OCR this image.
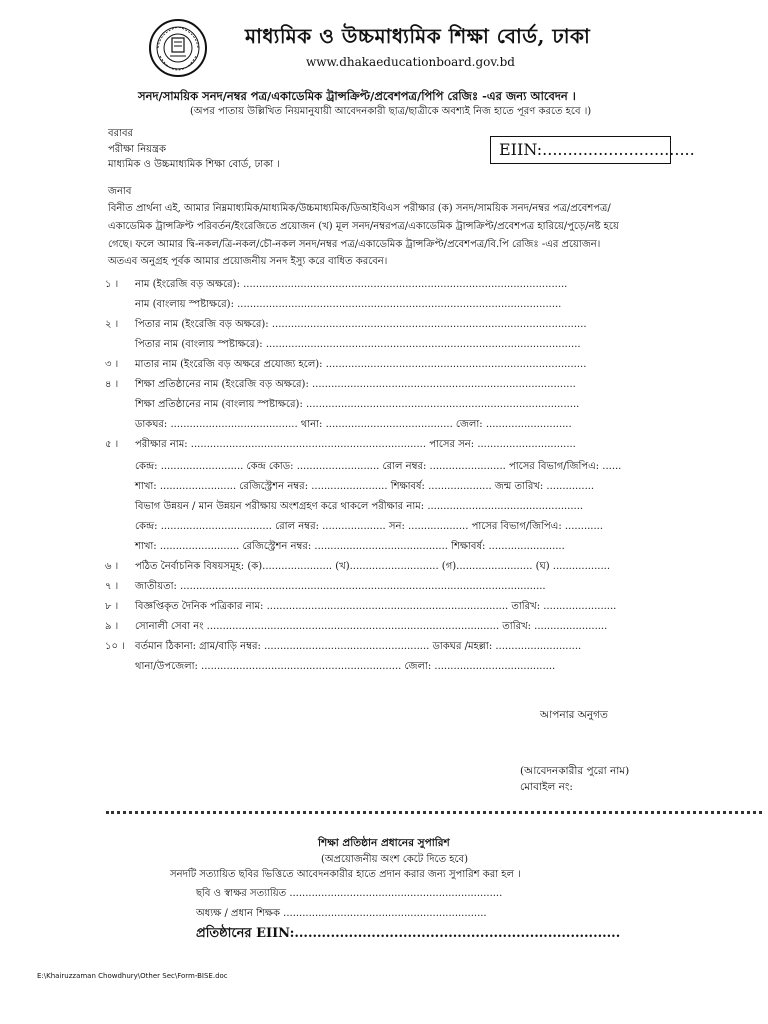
মাধ্যমিক ও উচ্চমাধ্যমিক শিক্ষা বোর্ড, ঢাকা
www.dhakaeducationboard.gov.bd
সনদ/সাময়িক সনদ/নম্বর পত্র/একাডেমিক ট্রান্সক্রিপ্ট/প্রবেশপত্র/পিপি রেজিঃ -এর জন্য আবেদন ।
(অপর পাতায় উল্লিখিত নিয়মানুযায়ী আবেদনকারী ছাত্র/ছাত্রীকে অবশ্যই নিজ হাতে পূরণ করতে হবে ।)
বরাবর
পরীক্ষা নিয়ন্ত্রক
মাধ্যমিক ও উচ্চমাধ্যমিক শিক্ষা বোর্ড, ঢাকা ।
EIIN:..............................
জনাব
বিনীত প্রার্থনা এই, আমার নিম্নমাধ্যমিক/মাধ্যমিক/উচ্চমাধ্যমিক/ডিআইবিএস পরীক্ষার (ক) সনদ/সাময়িক সনদ/নম্বর পত্র/প্রবেশপত্র/
একাডেমিক ট্রান্সক্রিপ্ট পরিবর্তন/ইংরেজিতে প্রয়োজন (খ) মূল সনদ/নম্বরপত্র/একাডেমিক ট্রান্সক্রিপ্ট/প্রবেশপত্র হারিয়ে/পুড়ে/নষ্ট হয়ে
গেছে। ফলে আমার দ্বি-নকল/ত্রি-নকল/চৌ-নকল সনদ/নম্বর পত্র/একাডেমিক ট্রান্সক্রিপ্ট/প্রবেশপত্র/বি.পি রেজিঃ -এর প্রয়োজন।
অতএব অনুগ্রহ পূর্বক আমার প্রয়োজনীয় সনদ ইস্যু করে বাধিত করবেন।
১ । নাম (ইংরেজি বড় অক্ষরে): ......................................................................................................
নাম (বাংলায় স্পষ্টাক্ষরে): ......................................................................................................
২ । পিতার নাম (ইংরেজি বড় অক্ষরে): ...................................................................................................
পিতার নাম (বাংলায় স্পষ্টাক্ষরে): ...................................................................................................
৩ । মাতার নাম (ইংরেজি বড় অক্ষরে প্রযোজ্য হলে): ..................................................................................
৪ । শিক্ষা প্রতিষ্ঠানের নাম (ইংরেজি বড় অক্ষরে): ...................................................................................
শিক্ষা প্রতিষ্ঠানের নাম (বাংলায় স্পষ্টাক্ষরে): ......................................................................................
ডাকঘর: ........................................ থানা: ........................................ জেলা: ...........................
৫ । পরীক্ষার নাম: .......................................................................... পাসের সন: ...............................
কেন্দ্র: .......................... কেন্দ্র কোড: .......................... রোল নম্বর: ........................ পাসের বিভাগ/জিপিএ: ......
শাখা: ........................ রেজিস্ট্রেশন নম্বর: ........................ শিক্ষাবর্ষ: .................... জন্ম তারিখ: ...............
বিভাগ উন্নয়ন / মান উন্নয়ন পরীক্ষায় অংশগ্রহণ করে থাকলে পরীক্ষার নাম: .................................................
কেন্দ্র: ................................... রোল নম্বর: .................... সন: ................... পাসের বিভাগ/জিপিএ: ............
শাখা: ......................... রেজিস্ট্রেশন নম্বর: .......................................... শিক্ষাবর্ষ: ........................
৬ । পঠিত নৈর্বাচনিক বিষয়সমূহ: (ক)...................... (খ)............................ (গ)........................ (ঘ) ..................
৭ । জাতীয়তা: ...................................................................................................................
৮ । বিজ্ঞপ্তিকৃত দৈনিক পত্রিকার নাম: ............................................................................ তারিখ: .......................
৯ । সোনালী সেবা নং ............................................................................................ তারিখ: .......................
১০ । বর্তমান ঠিকানা: গ্রাম/বাড়ি নম্বর: .................................................... ডাকঘর /মহল্লা: ...........................
থানা/উপজেলা: ............................................................... জেলা: ......................................
আপনার অনুগত
(আবেদনকারীর পুরো নাম)
মোবাইল নং:
শিক্ষা প্রতিষ্ঠান প্রধানের সুপারিশ
(অপ্রয়োজনীয় অংশ কেটে দিতে হবে)
সনদটি সত্যায়িত ছবির ভিত্তিতে আবেদনকারীর হাতে প্রদান করার জন্য সুপারিশ করা হল ।
ছবি ও স্বাক্ষর সত্যায়িত ...................................................................
অধ্যক্ষ / প্রধান শিক্ষক ................................................................
প্রতিষ্ঠানের EIIN:........................................................................
E:\Khairuzzaman Chowdhury\Other Sec\Form-BISE.doc
